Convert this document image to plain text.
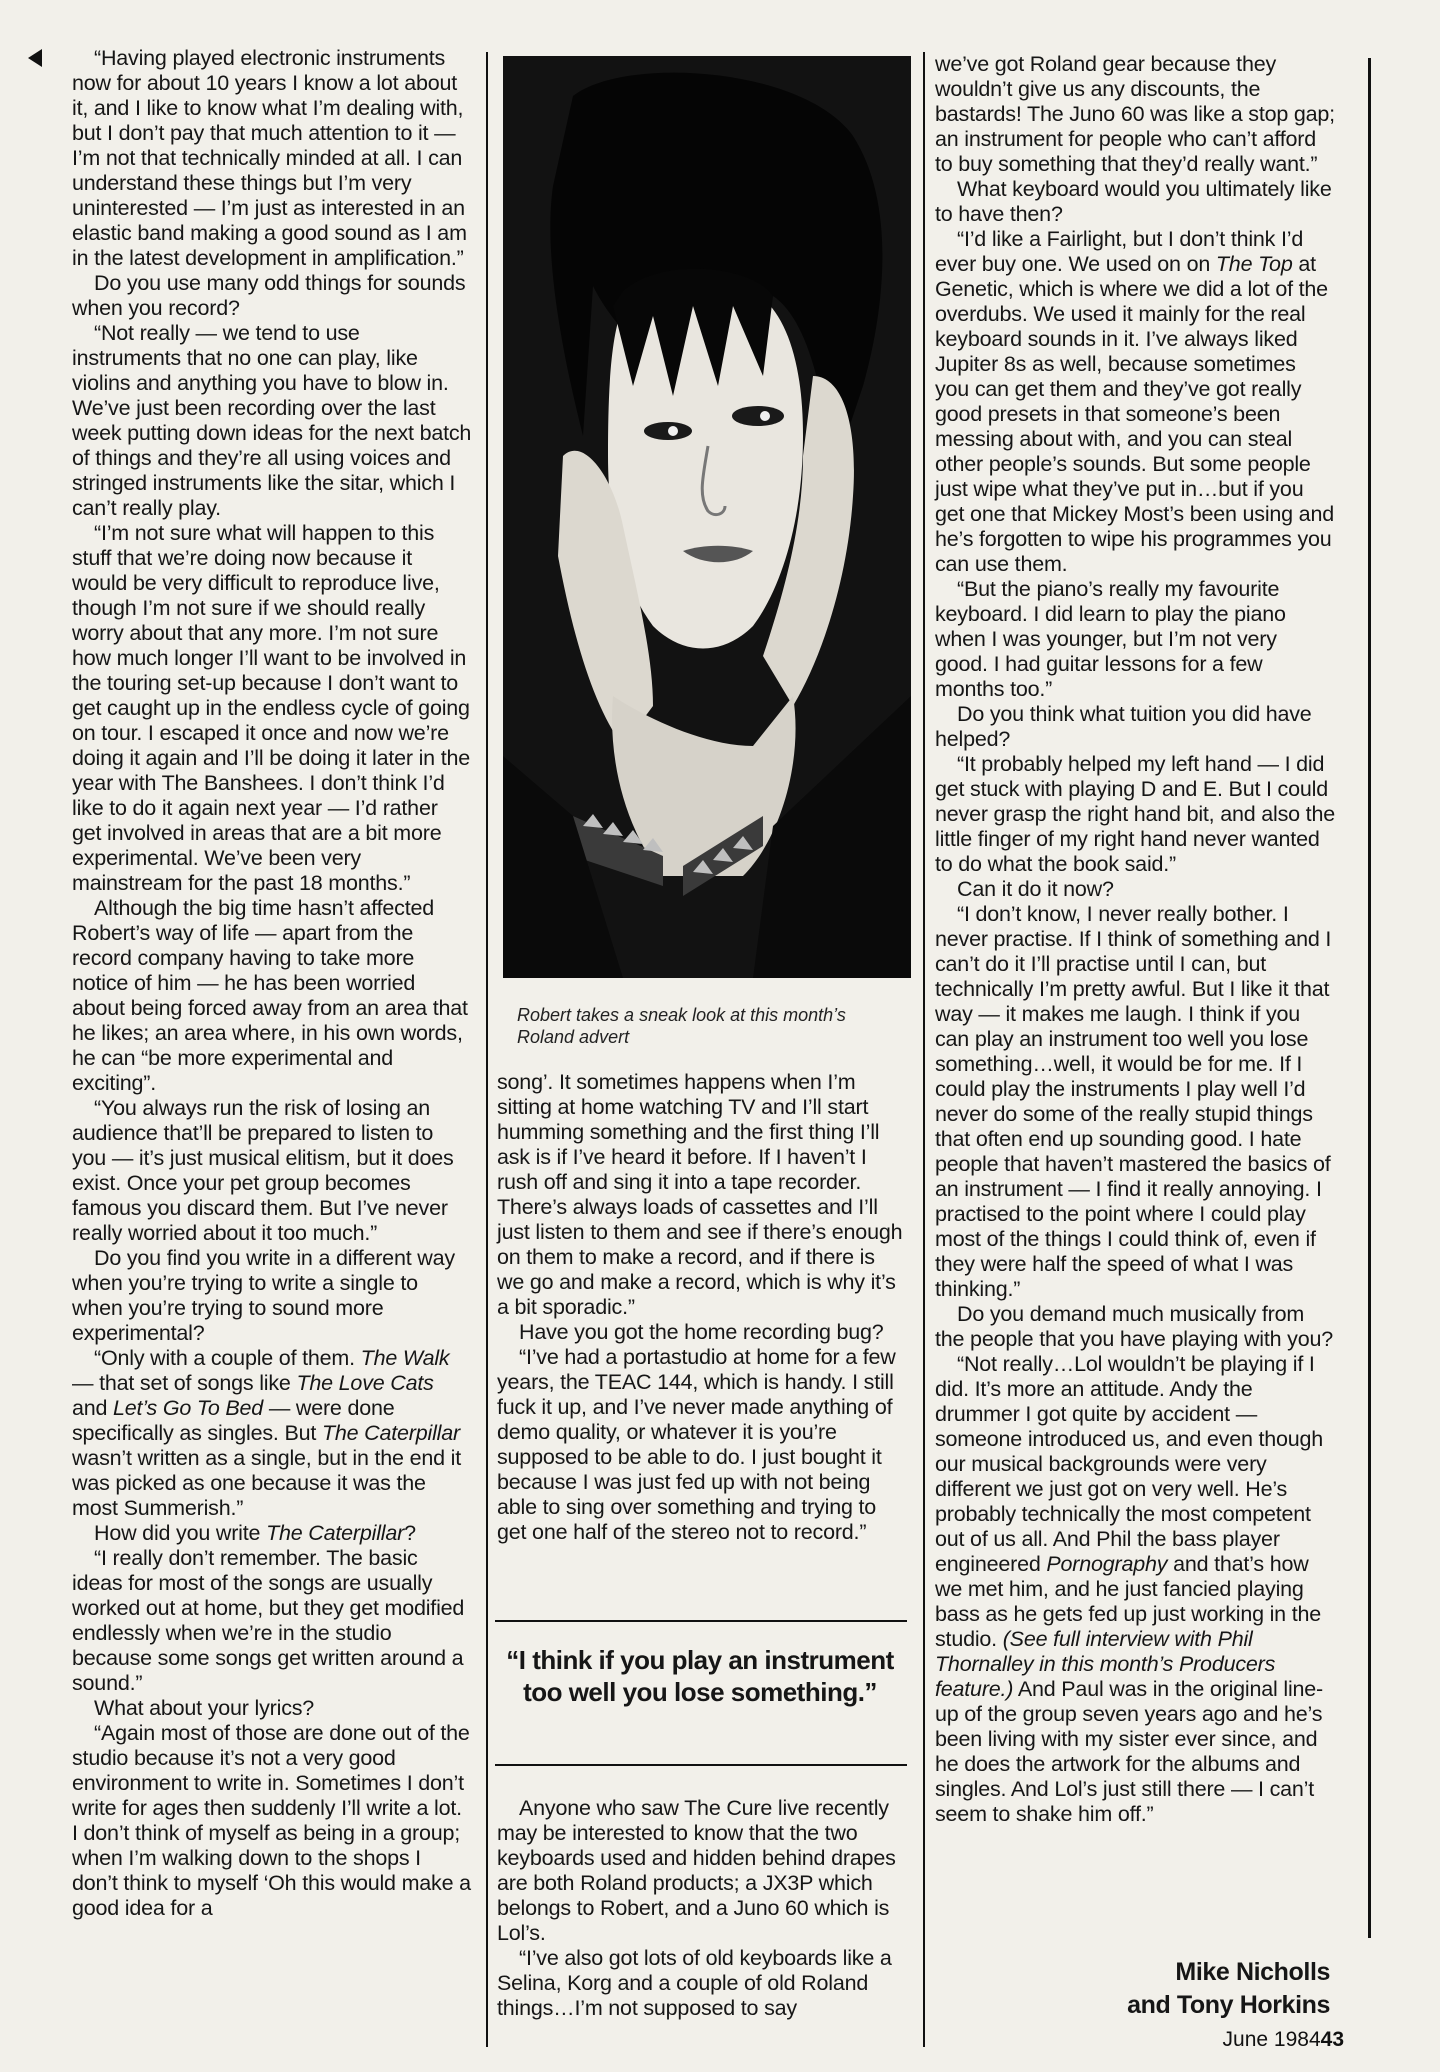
“Having played electronic instruments now for about 10 years I know a lot about it, and I like to know what I’m dealing with, but I don’t pay that much attention to it — I’m not that technically minded at all. I can understand these things but I’m very uninterested — I’m just as interested in an elastic band making a good sound as I am in the latest development in amplification.”

Do you use many odd things for sounds when you record?

“Not really — we tend to use instruments that no one can play, like violins and anything you have to blow in. We’ve just been recording over the last week putting down ideas for the next batch of things and they’re all using voices and stringed instruments like the sitar, which I can’t really play.

“I’m not sure what will happen to this stuff that we’re doing now because it would be very difficult to reproduce live, though I’m not sure if we should really worry about that any more. I’m not sure how much longer I’ll want to be involved in the touring set-up because I don’t want to get caught up in the endless cycle of going on tour. I escaped it once and now we’re doing it again and I’ll be doing it later in the year with The Banshees. I don’t think I’d like to do it again next year — I’d rather get involved in areas that are a bit more experimental. We’ve been very mainstream for the past 18 months.”

Although the big time hasn’t affected Robert’s way of life — apart from the record company having to take more notice of him — he has been worried about being forced away from an area that he likes; an area where, in his own words, he can “be more experimental and exciting”.

“You always run the risk of losing an audience that’ll be prepared to listen to you — it’s just musical elitism, but it does exist. Once your pet group becomes famous you discard them. But I’ve never really worried about it too much.”

Do you find you write in a different way when you’re trying to write a single to when you’re trying to sound more experimental?

“Only with a couple of them. The Walk — that set of songs like The Love Cats and Let’s Go To Bed — were done specifically as singles. But The Caterpillar wasn’t written as a single, but in the end it was picked as one because it was the most Summerish.”

How did you write The Caterpillar?

“I really don’t remember. The basic ideas for most of the songs are usually worked out at home, but they get modified endlessly when we’re in the studio because some songs get written around a sound.”

What about your lyrics?

“Again most of those are done out of the studio because it’s not a very good environment to write in. Sometimes I don’t write for ages then suddenly I’ll write a lot. I don’t think of myself as being in a group; when I’m walking down to the shops I don’t think to myself ‘Oh this would make a good idea for a

Robert takes a sneak look at this month’s Roland advert

song’. It sometimes happens when I’m sitting at home watching TV and I’ll start humming something and the first thing I’ll ask is if I’ve heard it before. If I haven’t I rush off and sing it into a tape recorder. There’s always loads of cassettes and I’ll just listen to them and see if there’s enough on them to make a record, and if there is we go and make a record, which is why it’s a bit sporadic.”

Have you got the home recording bug?

“I’ve had a portastudio at home for a few years, the TEAC 144, which is handy. I still fuck it up, and I’ve never made anything of demo quality, or whatever it is you’re supposed to be able to do. I just bought it because I was just fed up with not being able to sing over something and trying to get one half of the stereo not to record.”

“I think if you play an instrument too well you lose something.”

Anyone who saw The Cure live recently may be interested to know that the two keyboards used and hidden behind drapes are both Roland products; a JX3P which belongs to Robert, and a Juno 60 which is Lol’s.

“I’ve also got lots of old keyboards like a Selina, Korg and a couple of old Roland things…I’m not supposed to say

we’ve got Roland gear because they wouldn’t give us any discounts, the bastards! The Juno 60 was like a stop gap; an instrument for people who can’t afford to buy something that they’d really want.”

What keyboard would you ultimately like to have then?

“I’d like a Fairlight, but I don’t think I’d ever buy one. We used on on The Top at Genetic, which is where we did a lot of the overdubs. We used it mainly for the real keyboard sounds in it. I’ve always liked Jupiter 8s as well, because sometimes you can get them and they’ve got really good presets in that someone’s been messing about with, and you can steal other people’s sounds. But some people just wipe what they’ve put in…but if you get one that Mickey Most’s been using and he’s forgotten to wipe his programmes you can use them.

“But the piano’s really my favourite keyboard. I did learn to play the piano when I was younger, but I’m not very good. I had guitar lessons for a few months too.”

Do you think what tuition you did have helped?

“It probably helped my left hand — I did get stuck with playing D and E. But I could never grasp the right hand bit, and also the little finger of my right hand never wanted to do what the book said.”

Can it do it now?

“I don’t know, I never really bother. I never practise. If I think of something and I can’t do it I’ll practise until I can, but technically I’m pretty awful. But I like it that way — it makes me laugh. I think if you can play an instrument too well you lose something…well, it would be for me. If I could play the instruments I play well I’d never do some of the really stupid things that often end up sounding good. I hate people that haven’t mastered the basics of an instrument — I find it really annoying. I practised to the point where I could play most of the things I could think of, even if they were half the speed of what I was thinking.”

Do you demand much musically from the people that you have playing with you?

“Not really…Lol wouldn’t be playing if I did. It’s more an attitude. Andy the drummer I got quite by accident — someone introduced us, and even though our musical backgrounds were very different we just got on very well. He’s probably technically the most competent out of us all. And Phil the bass player engineered Pornography and that’s how we met him, and he just fancied playing bass as he gets fed up just working in the studio. (See full interview with Phil Thornalley in this month’s Producers feature.) And Paul was in the original line-up of the group seven years ago and he’s been living with my sister ever since, and he does the artwork for the albums and singles. And Lol’s just still there — I can’t seem to shake him off.”

Mike Nicholls
and Tony Horkins
June 198443
